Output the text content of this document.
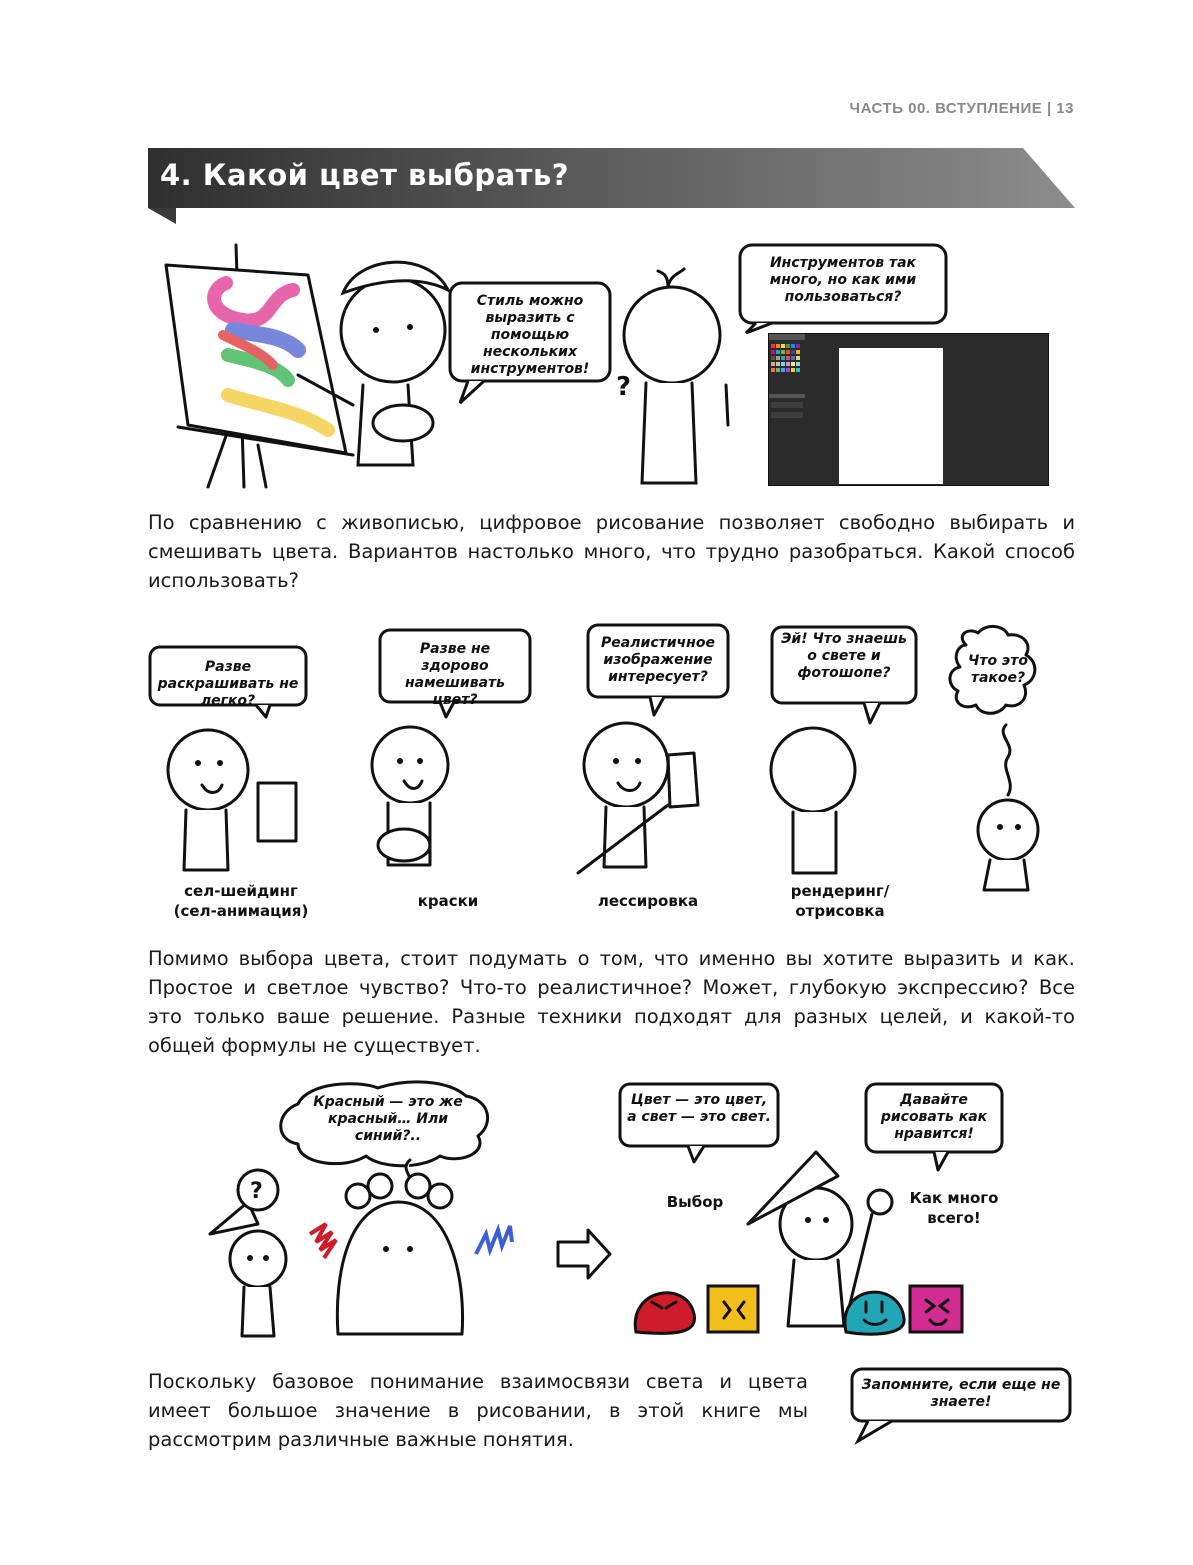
ЧАСТЬ 00. ВСТУПЛЕНИЕ | 13
4. Какой цвет выбрать?
?
Стиль можно выразить с помощью нескольких инструментов!
Инструментов так много, но как ими пользоваться?
По сравнению с живописью, цифровое рисование позволяет свободно выбирать и смешивать цвета. Вариантов настолько много, что трудно разобраться. Какой способ использовать?
Разве раскрашивать не легко?
Разве не здорово намешивать цвет?
Реалистичное изображение интересует?
Эй! Что знаешь о свете и фотошопе?
Что это такое?
сел-шейдинг
(сел-анимация)
краски	лессировка
рендеринг/
отрисовка
Помимо выбора цвета, стоит подумать о том, что именно вы хотите выразить и как. Простое и светлое чувство? Что-то реалистичное? Может, глубокую экспрессию? Все это только ваше решение. Разные техники подходят для разных целей, и какой-то общей формулы не существует.
?
Красный — это же красный… Или синий?..
Цвет — это цвет, а свет — это свет.
Давайте рисовать как нравится!
Выбор	Как много всего!
Поскольку базовое понимание взаимосвязи света и цвета имеет большое значение в рисовании, в этой книге мы рассмотрим различные важные понятия.
Запомните, если еще не знаете!
